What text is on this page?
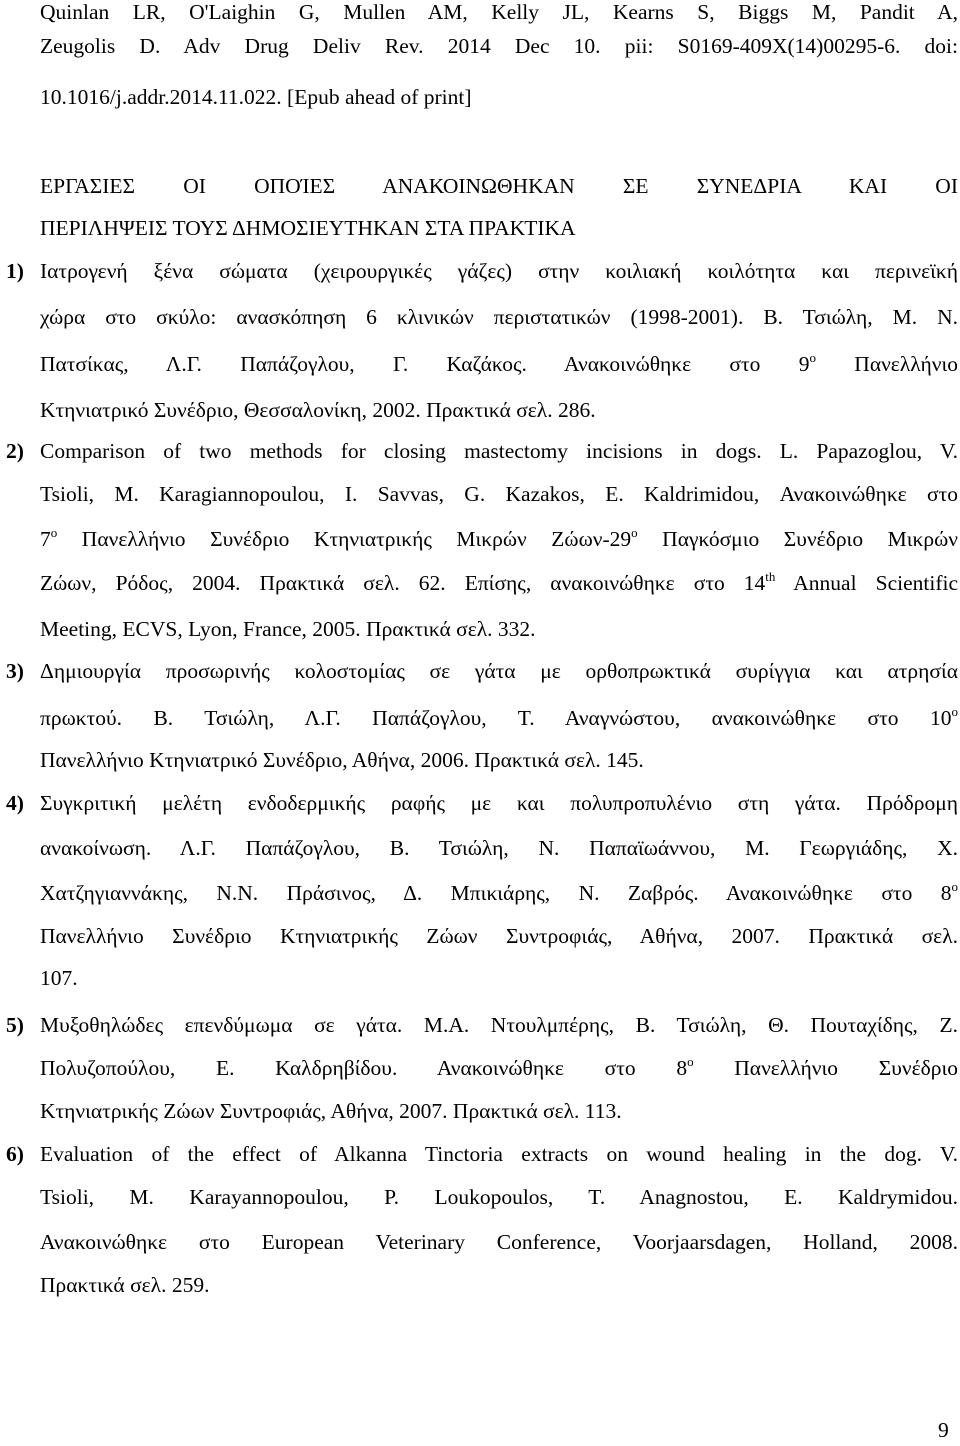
Quinlan LR, O'Laighin G, Mullen AM, Kelly JL, Kearns S, Biggs M, Pandit A,
Zeugolis D. Adv Drug Deliv Rev. 2014 Dec 10. pii: S0169-409X(14)00295-6. doi:
10.1016/j.addr.2014.11.022. [Epub ahead of print]
ΕΡΓΑΣΙΕΣ ΟΙ ΟΠΟΊΕΣ ΑΝΑΚΟΙΝΩΘΗΚΑΝ ΣΕ ΣΥΝΕΔΡΙΑ ΚΑΙ ΟΙ
ΠΕΡΙΛΗΨΕΙΣ ΤΟΥΣ ΔΗΜΟΣΙΕΥΤΗΚΑΝ ΣΤΑ ΠΡΑΚΤΙΚΑ
1) Ιατρογενή ξένα σώματα (χειρουργικές γάζες) στην κοιλιακή κοιλότητα και περινεϊκή
χώρα στο σκύλο: ανασκόπηση 6 κλινικών περιστατικών (1998-2001). Β. Τσιώλη, Μ. Ν.
Πατσίκας, Λ.Γ. Παπάζογλου, Γ. Καζάκος. Ανακοινώθηκε στο $9^o$ Πανελλήνιο
Κτηνιατρικό Συνέδριο, Θεσσαλονίκη, 2002. Πρακτικά σελ. 286.
2) Comparison of two methods for closing mastectomy incisions in dogs. L. Papazoglou, V.
Tsioli, M. Karagiannopoulou, I. Savvas, G. Kazakos, E. Kaldrimidou, Ανακοινώθηκε στο
$7^o$ Πανελλήνιο Συνέδριο Κτηνιατρικής Μικρών Ζώων-$29^o$ Παγκόσμιο Συνέδριο Μικρών
Ζώων, Ρόδος, 2004. Πρακτικά σελ. 62. Επίσης, ανακοινώθηκε στο 14th Annual Scientific
Meeting, ECVS, Lyon, France, 2005. Πρακτικά σελ. 332.
3) Δημιουργία προσωρινής κολοστομίας σε γάτα με ορθοπρωκτικά συρίγγια και ατρησία
πρωκτού. Β. Τσιώλη, Λ.Γ. Παπάζογλου, Τ. Αναγνώστου, ανακοινώθηκε στο $10^o$
Πανελλήνιο Κτηνιατρικό Συνέδριο, Αθήνα, 2006. Πρακτικά σελ. 145.
4) Συγκριτική μελέτη ενδοδερμικής ραφής με και πολυπροπυλένιο στη γάτα. Πρόδρομη
ανακοίνωση. Λ.Γ. Παπάζογλου, Β. Τσιώλη, Ν. Παπαϊωάννου, Μ. Γεωργιάδης, Χ.
Χατζηγιαννάκης, Ν.Ν. Πράσινος, Δ. Μπικιάρης, Ν. Ζαβρός. Ανακοινώθηκε στο $8^o$
Πανελλήνιο Συνέδριο Κτηνιατρικής Ζώων Συντροφιάς, Αθήνα, 2007. Πρακτικά σελ.
107.
5) Μυξοθηλώδες επενδύμωμα σε γάτα. Μ.Α. Ντουλμπέρης, Β. Τσιώλη, Θ. Πουταχίδης, Ζ.
Πολυζοπούλου, Ε. Καλδρηβίδου. Ανακοινώθηκε στο $8^o$ Πανελλήνιο Συνέδριο
Κτηνιατρικής Ζώων Συντροφιάς, Αθήνα, 2007. Πρακτικά σελ. 113.
6) Evaluation of the effect of Alkanna Tinctoria extracts on wound healing in the dog. V.
Tsioli, M. Karayannopoulou, P. Loukopoulos, T. Anagnostou, E. Kaldrymidou.
Ανακοινώθηκε στο European Veterinary Conference, Voorjaarsdagen, Holland, 2008.
Πρακτικά σελ. 259.
9
